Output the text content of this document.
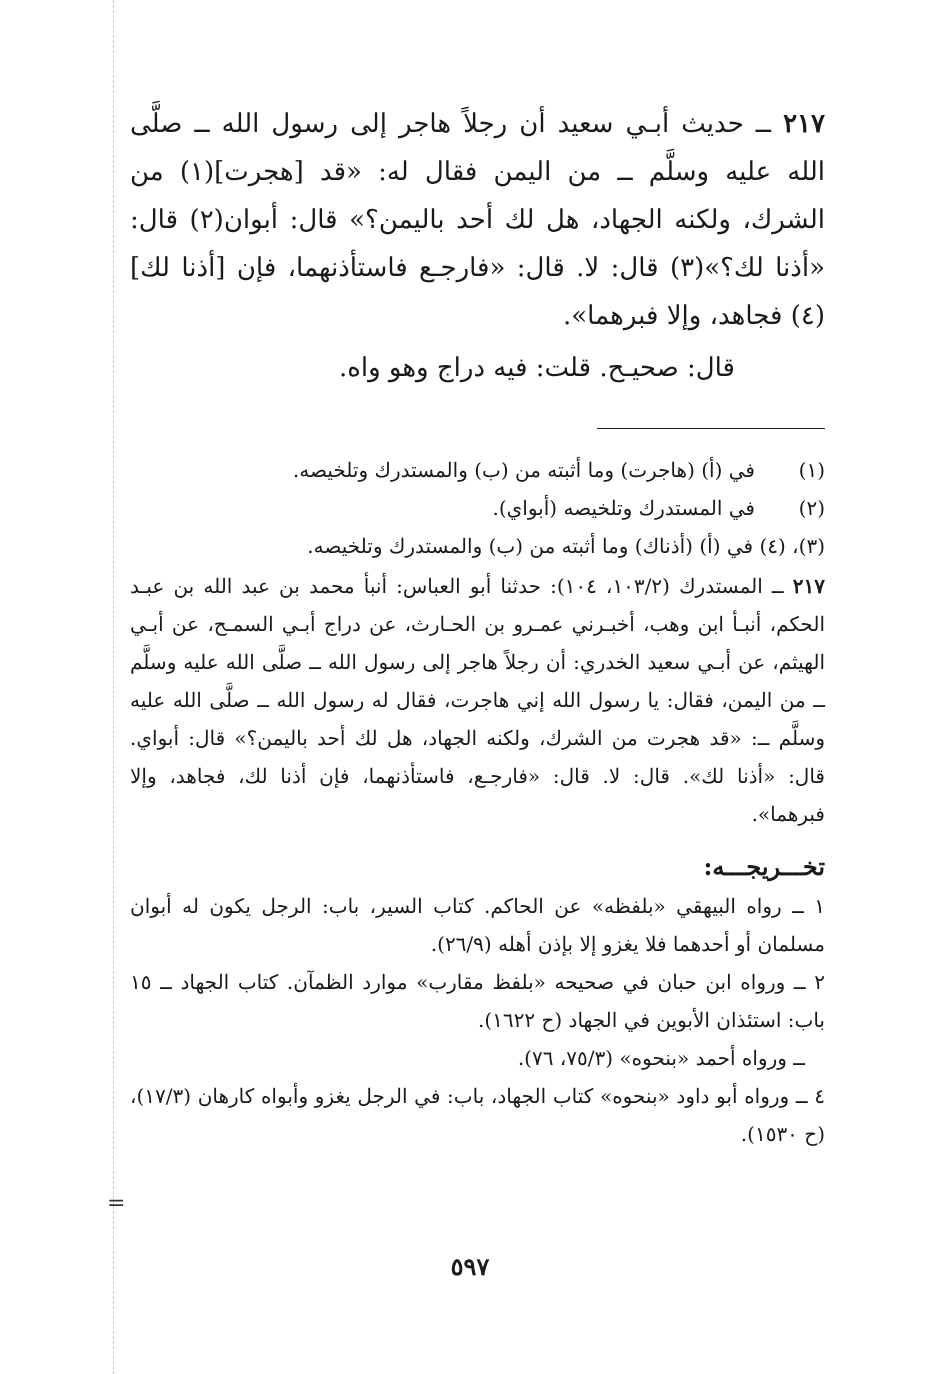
=

٢١٧ ــ حديث أبـي سعيد أن رجلاً هاجر إلى رسول الله ــ صلَّى الله عليه وسلَّم ــ من اليمن فقال له: «قد [هجرت](١) من الشرك، ولكنه الجهاد، هل لك أحد باليمن؟» قال: أبوان(٢) قال: «أذنا لك؟»(٣) قال: لا. قال: «فارجـع فاستأذنهما، فإن [أذنا لك](٤) فجاهد، وإلا فبرهما».

قال: صحيـح. قلت: فيه دراج وهو واه.

(١)
في (أ) (هاجرت) وما أثبته من (ب) والمستدرك وتلخيصه.
(٢)
في المستدرك وتلخيصه (أبواي).
(٣)، (٤) في (أ) (أذناك) وما أثبته من (ب) والمستدرك وتلخيصه.
٢١٧ ــ المستدرك (١٠٣/٢، ١٠٤): حدثنا أبو العباس: أنبأ محمد بن عبد الله بن عبـد الحكم، أنبـأ ابن وهب، أخبـرني عمـرو بن الحـارث، عن دراج أبـي السمـح، عن أبـي الهيثم، عن أبـي سعيد الخدري: أن رجلاً هاجر إلى رسول الله ــ صلَّى الله عليه وسلَّم ــ من اليمن، فقال: يا رسول الله إني هاجرت، فقال له رسول الله ــ صلَّى الله عليه وسلَّم ــ: «قد هجرت من الشرك، ولكنه الجهاد، هل لك أحد باليمن؟» قال: أبواي. قال: «أذنا لك». قال: لا. قال: «فارجـع، فاستأذنهما، فإن أذنا لك، فجاهد، وإلا فبرهما».
تخـــريجـــه:

١ ــ رواه البيهقي «بلفظه» عن الحاكم. كتاب السير، باب: الرجل يكون له أبوان مسلمان أو أحدهما فلا يغزو إلا بإذن أهله (٢٦/٩).

٢ ــ ورواه ابن حبان في صحيحه «بلفظ مقارب» موارد الظمآن. كتاب الجهاد ــ ١٥ باب: استئذان الأبوين في الجهاد (ح ١٦٢٢).

ــ ورواه أحمد «بنحوه» (٧٥/٣، ٧٦).

٤ ــ ورواه أبو داود «بنحوه» كتاب الجهاد، باب: في الرجل يغزو وأبواه كارهان (١٧/٣)، (ح ١٥٣٠).

٥٩٧
